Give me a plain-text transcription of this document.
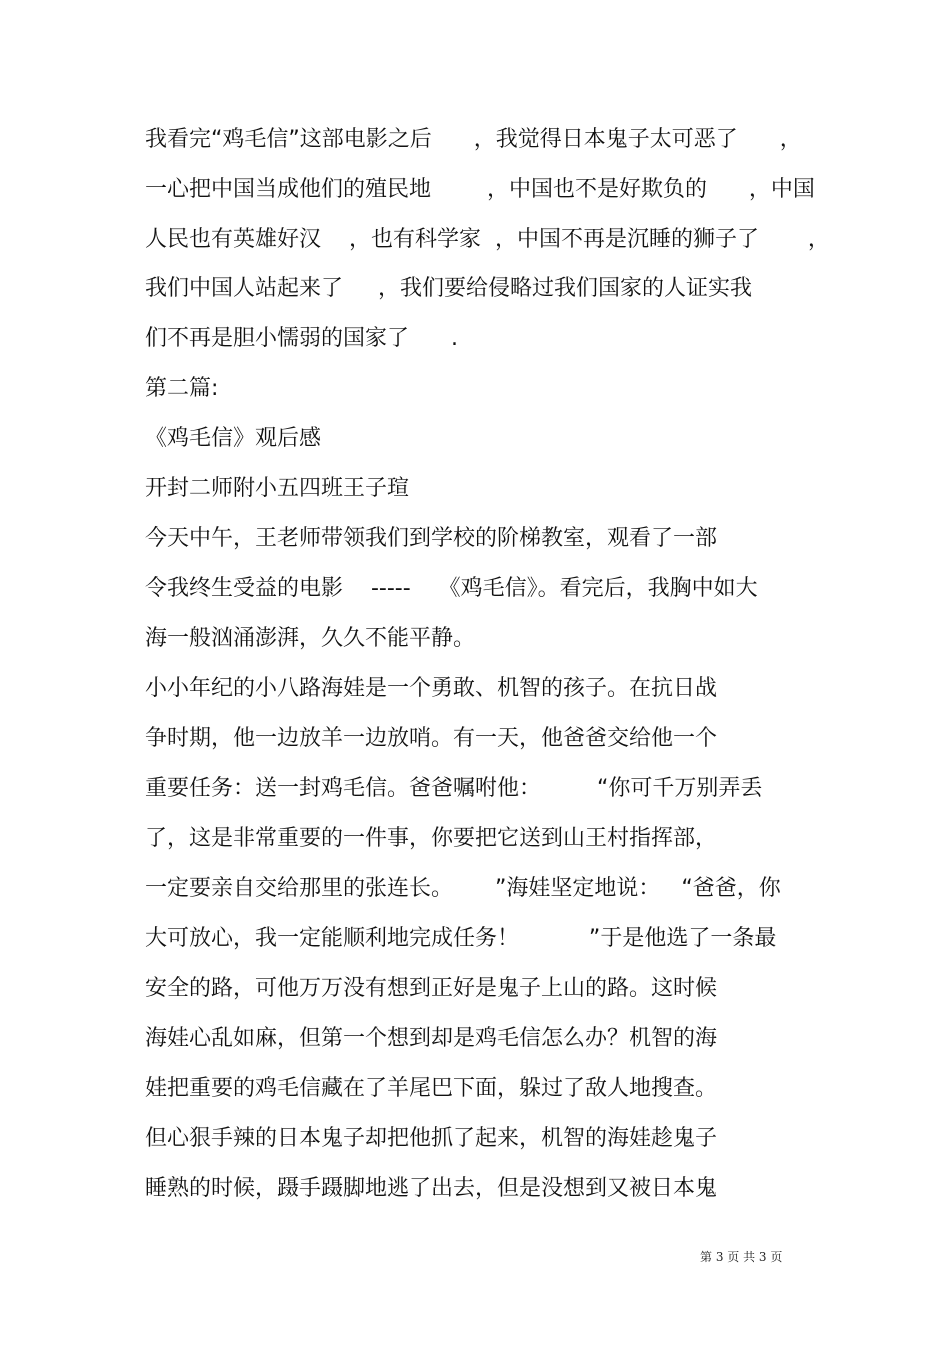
我看完“鸡毛信”这部电影之后      ，我觉得日本鬼子太可恶了      ，
一心把中国当成他们的殖民地        ，中国也不是好欺负的      ，中国
人民也有英雄好汉    ，也有科学家  ，中国不再是沉睡的狮子了       ，
我们中国人站起来了     ，我们要给侵略过我们国家的人证实我
们不再是胆小懦弱的国家了      .
第二篇:
《鸡毛信》观后感
开封二师附小五四班王子瑄
今天中午，王老师带领我们到学校的阶梯教室，观看了一部
令我终生受益的电影    -----    《鸡毛信》。看完后，我胸中如大
海一般汹涌澎湃，久久不能平静。
小小年纪的小八路海娃是一个勇敢、机智的孩子。在抗日战
争时期，他一边放羊一边放哨。有一天，他爸爸交给他一个
重要任务：送一封鸡毛信。爸爸嘱咐他：        “你可千万别弄丢
了，这是非常重要的一件事，你要把它送到山王村指挥部，
一定要亲自交给那里的张连长。      ”海娃坚定地说：   “爸爸，你
大可放心，我一定能顺利地完成任务！          ”于是他选了一条最
安全的路，可他万万没有想到正好是鬼子上山的路。这时候
海娃心乱如麻，但第一个想到却是鸡毛信怎么办？机智的海
娃把重要的鸡毛信藏在了羊尾巴下面，躲过了敌人地搜查。
但心狠手辣的日本鬼子却把他抓了起来，机智的海娃趁鬼子
睡熟的时候，蹑手蹑脚地逃了出去，但是没想到又被日本鬼
第 3 页 共 3 页
